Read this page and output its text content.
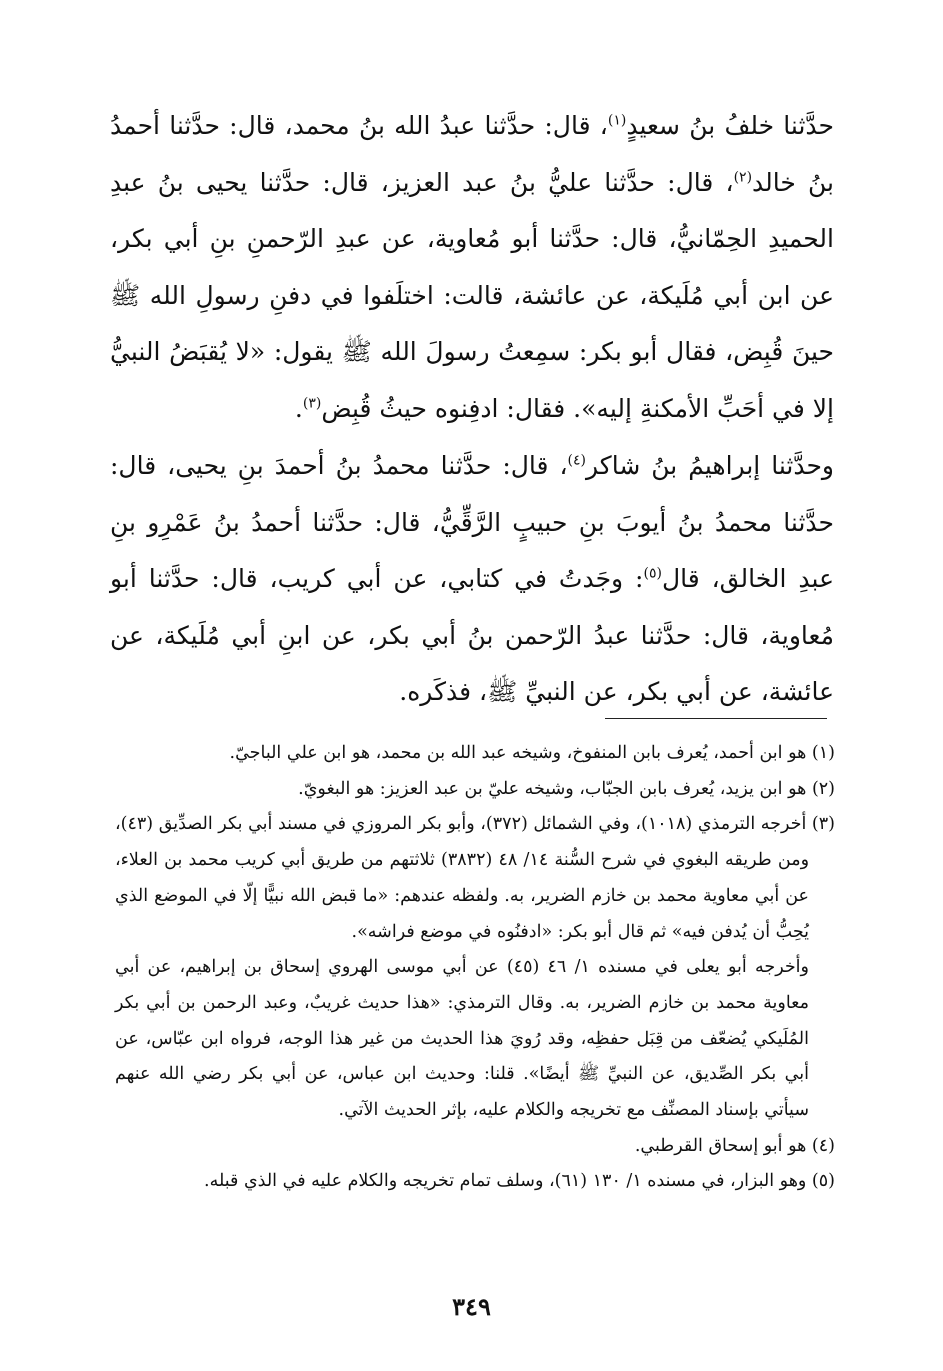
حدَّثنا خلفُ بنُ سعيدٍ$^{(١)}$، قال: حدَّثنا عبدُ الله بنُ محمد، قال: حدَّثنا أحمدُ بنُ خالد$^{(٢)}$، قال: حدَّثنا عليُّ بنُ عبد العزيز، قال: حدَّثنا يحيى بنُ عبدِ الحميدِ الحِمّانيُّ، قال: حدَّثنا أبو مُعاوية، عن عبدِ الرّحمنِ بنِ أبي بكر، عن ابن أبي مُلَيكة، عن عائشة، قالت: اختلَفوا في دفنِ رسولِ الله ﷺ حينَ قُبِض، فقال أبو بكر: سمِعتُ رسولَ الله ﷺ يقول: «لا يُقبَضُ النبيُّ إلا في أحَبِّ الأمكنةِ إليه». فقال: ادفِنوه حيثُ قُبِض$^{(٣)}$.

وحدَّثنا إبراهيمُ بنُ شاكر$^{(٤)}$، قال: حدَّثنا محمدُ بنُ أحمدَ بنِ يحيى، قال: حدَّثنا محمدُ بنُ أيوبَ بنِ حبيبٍ الرَّقِّيُّ، قال: حدَّثنا أحمدُ بنُ عَمْرِو بنِ عبدِ الخالق، قال$^{(٥)}$: وجَدتُ في كتابي، عن أبي كريب، قال: حدَّثنا أبو مُعاوية، قال: حدَّثنا عبدُ الرّحمن بنُ أبي بكر، عن ابنِ أبي مُلَيكة، عن عائشة، عن أبي بكر، عن النبيِّ ﷺ، فذكَره.

(١) هو ابن أحمد، يُعرف بابن المنفوخ، وشيخه عبد الله بن محمد، هو ابن علي الباجيّ.

(٢) هو ابن يزيد، يُعرف بابن الجبّاب، وشيخه عليّ بن عبد العزيز: هو البغويّ.

(٣) أخرجه الترمذي (١٠١٨)، وفي الشمائل (٣٧٢)، وأبو بكر المروزي في مسند أبي بكر الصدِّيق (٤٣)، ومن طريقه البغوي في شرح السُّنة ١٤/ ٤٨ (٣٨٣٢) ثلاثتهم من طريق أبي كريب محمد بن العلاء، عن أبي معاوية محمد بن خازم الضرير، به. ولفظه عندهم: «ما قبض الله نبيًّا إلّا في الموضع الذي يُحِبُّ أن يُدفن فيه» ثم قال أبو بكر: «ادفنُوه في موضع فراشه».

وأخرجه أبو يعلى في مسنده ١/ ٤٦ (٤٥) عن أبي موسى الهروي إسحاق بن إبراهيم، عن أبي معاوية محمد بن خازم الضرير، به. وقال الترمذي: «هذا حديث غريبٌ، وعبد الرحمن بن أبي بكر المُلَيكي يُضعّف من قِبَل حفظِه، وقد رُويَ هذا الحديث من غير هذا الوجه، فرواه ابن عبّاس، عن أبي بكر الصِّديق، عن النبيِّ ﷺ أيضًا». قلنا: وحديث ابن عباس، عن أبي بكر رضي الله عنهم سيأتي بإسناد المصنِّف مع تخريجه والكلام عليه، بإثر الحديث الآتي.

(٤) هو أبو إسحاق القرطبي.

(٥) وهو البزار، في مسنده ١/ ١٣٠ (٦١)، وسلف تمام تخريجه والكلام عليه في الذي قبله.

٣٤٩
